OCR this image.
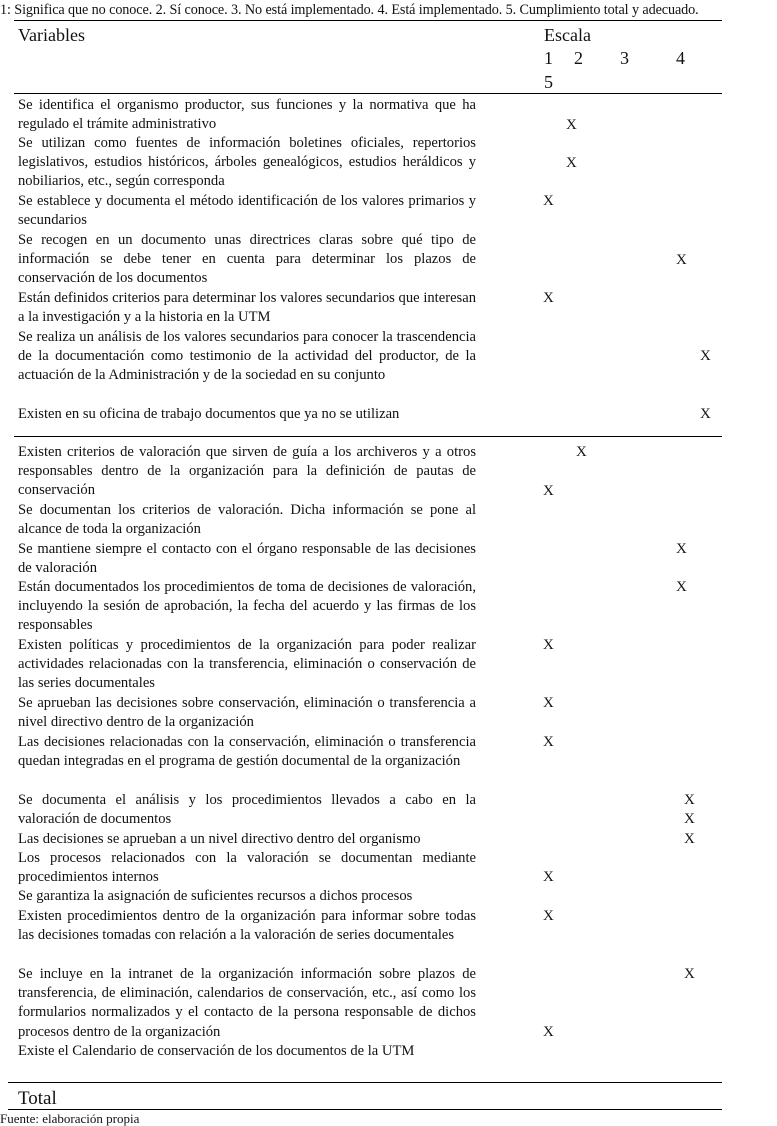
1: Significa que no conoce. 2. Sí conoce. 3. No está implementado. 4. Está implementado. 5. Cumplimiento total y adecuado.
Variables	Escala
1 2 3	4
5
Se identifica el organismo productor, sus funciones y la normativa que ha regulado el trámite administrativo
Se utilizan como fuentes de información boletines oficiales, repertorios legislativos, estudios históricos, árboles genealógicos, estudios heráldicos y nobiliarios, etc., según corresponda
Se establece y documenta el método identificación de los valores primarios y secundarios
Se recogen en un documento unas directrices claras sobre qué tipo de información se debe tener en cuenta para determinar los plazos de conservación de los documentos
Están definidos criterios para determinar los valores secundarios que interesan a la investigación y a la historia en la UTM
Se realiza un análisis de los valores secundarios para conocer la trascendencia de la documentación como testimonio de la actividad del productor, de la actuación de la Administración y de la sociedad en su conjunto
Existen en su oficina de trabajo documentos que ya no se utilizan
X
X
X
X
X
X
X
Existen criterios de valoración que sirven de guía a los archiveros y a otros responsables dentro de la organización para la definición de pautas de conservación
Se documentan los criterios de valoración. Dicha información se pone al alcance de toda la organización
Se mantiene siempre el contacto con el órgano responsable de las decisiones de valoración
Están documentados los procedimientos de toma de decisiones de valoración, incluyendo la sesión de aprobación, la fecha del acuerdo y las firmas de los responsables
Existen políticas y procedimientos de la organización para poder realizar actividades relacionadas con la transferencia, eliminación o conservación de las series documentales
Se aprueban las decisiones sobre conservación, eliminación o transferencia a nivel directivo dentro de la organización
Las decisiones relacionadas con la conservación, eliminación o transferencia quedan integradas en el programa de gestión documental de la organización
Se documenta el análisis y los procedimientos llevados a cabo en la valoración de documentos
Las decisiones se aprueban a un nivel directivo dentro del organismo
Los procesos relacionados con la valoración se documentan mediante procedimientos internos
Se garantiza la asignación de suficientes recursos a dichos procesos
Existen procedimientos dentro de la organización para informar sobre todas las decisiones tomadas con relación a la valoración de series documentales
Se incluye en la intranet de la organización información sobre plazos de transferencia, de eliminación, calendarios de conservación, etc., así como los formularios normalizados y el contacto de la persona responsable de dichos procesos dentro de la organización
Existe el Calendario de conservación de los documentos de la UTM
X
X
X
X
X
X
X
X
X
X
X
X
X
X
Total
Fuente: elaboración propia
